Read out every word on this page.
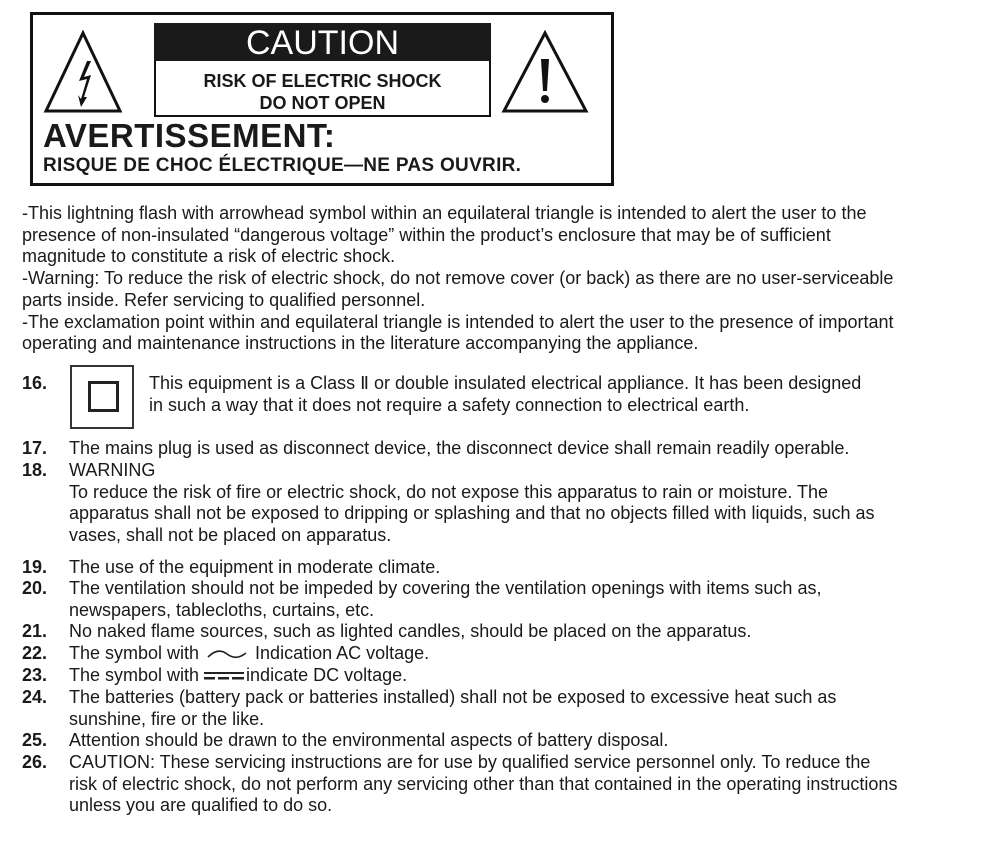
CAUTION
RISK OF ELECTRIC SHOCK
DO NOT OPEN
AVERTISSEMENT:
RISQUE DE CHOC ÉLECTRIQUE—NE PAS OUVRIR.
-This lightning flash with arrowhead symbol within an equilateral triangle is intended to alert the user to the
presence of non-insulated “dangerous voltage” within the product’s enclosure that may be of sufficient
magnitude to constitute a risk of electric shock.
-Warning: To reduce the risk of electric shock, do not remove cover (or back) as there are no user-serviceable
parts inside. Refer servicing to qualified personnel.
-The exclamation point within and equilateral triangle is intended to alert the user to the presence of important
operating and maintenance instructions in the literature accompanying the appliance.
16.	This equipment is a Class Ⅱ or double insulated electrical appliance. It has been designed
in such a way that it does not require a safety connection to electrical earth.
17. The mains plug is used as disconnect device, the disconnect device shall remain readily operable.
18. WARNING
To reduce the risk of fire or electric shock, do not expose this apparatus to rain or moisture. The
apparatus shall not be exposed to dripping or splashing and that no objects filled with liquids, such as
vases, shall not be placed on apparatus.
19. The use of the equipment in moderate climate.
20. The ventilation should not be impeded by covering the ventilation openings with items such as,
newspapers, tablecloths, curtains, etc.
21. No naked flame sources, such as lighted candles, should be placed on the apparatus.
22. The symbol with	Indication AC voltage.
23. The symbol with indicate DC voltage.
24. The batteries (battery pack or batteries installed) shall not be exposed to excessive heat such as
sunshine, fire or the like.
25. Attention should be drawn to the environmental aspects of battery disposal.
26. CAUTION: These servicing instructions are for use by qualified service personnel only. To reduce the
risk of electric shock, do not perform any servicing other than that contained in the operating instructions
unless you are qualified to do so.
